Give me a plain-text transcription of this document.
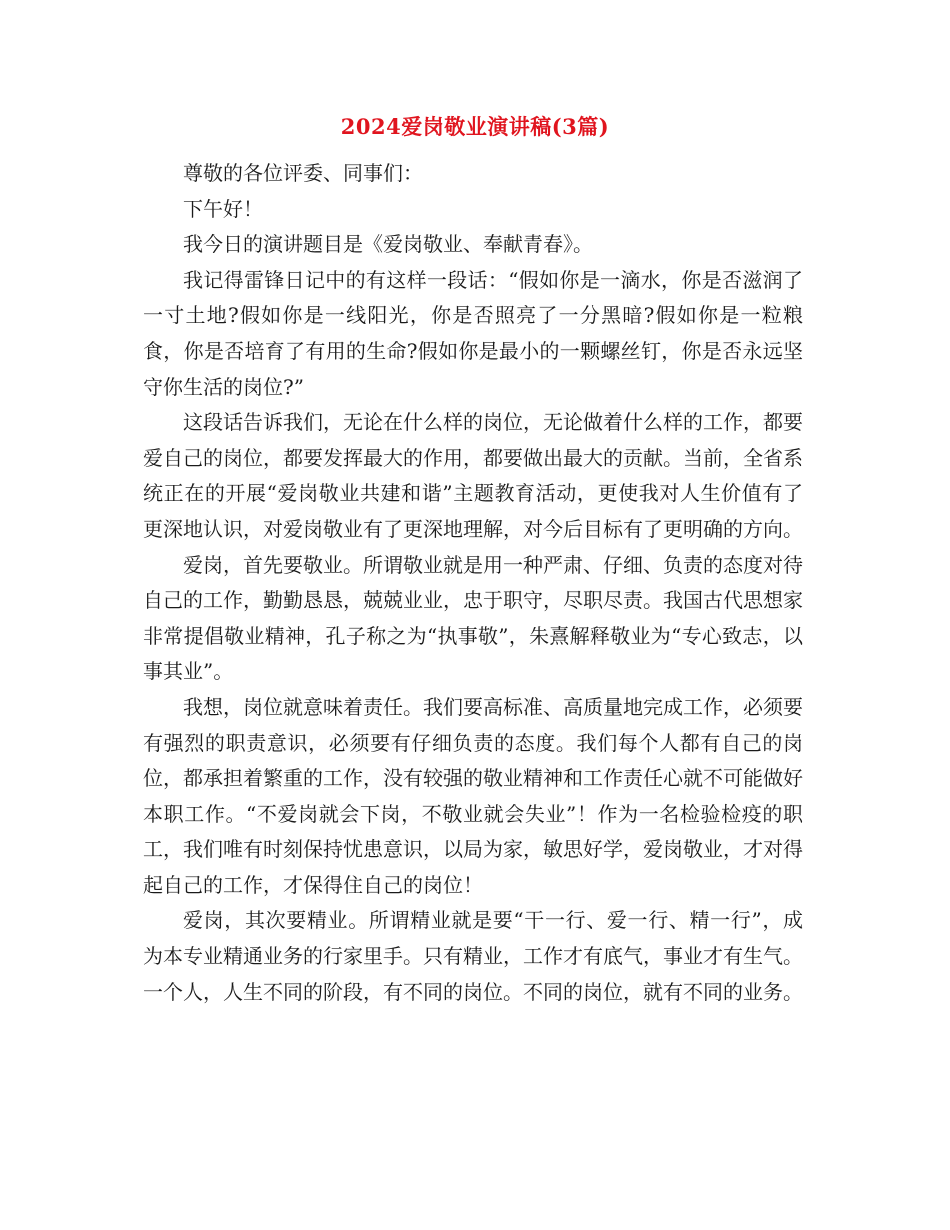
2024爱岗敬业演讲稿(3篇)

尊敬的各位评委、同事们：

下午好！

我今日的演讲题目是《爱岗敬业、奉献青春》。

我记得雷锋日记中的有这样一段话：“假如你是一滴水，你是否滋润了一寸土地?假如你是一线阳光，你是否照亮了一分黑暗?假如你是一粒粮食，你是否培育了有用的生命?假如你是最小的一颗螺丝钉，你是否永远坚守你生活的岗位?”

这段话告诉我们，无论在什么样的岗位，无论做着什么样的工作，都要爱自己的岗位，都要发挥最大的作用，都要做出最大的贡献。当前，全省系统正在的开展“爱岗敬业共建和谐”主题教育活动，更使我对人生价值有了更深地认识，对爱岗敬业有了更深地理解，对今后目标有了更明确的方向。

爱岗，首先要敬业。所谓敬业就是用一种严肃、仔细、负责的态度对待自己的工作，勤勤恳恳，兢兢业业，忠于职守，尽职尽责。我国古代思想家非常提倡敬业精神，孔子称之为“执事敬”，朱熹解释敬业为“专心致志，以事其业”。

我想，岗位就意味着责任。我们要高标准、高质量地完成工作，必须要有强烈的职责意识，必须要有仔细负责的态度。我们每个人都有自己的岗位，都承担着繁重的工作，没有较强的敬业精神和工作责任心就不可能做好本职工作。“不爱岗就会下岗，不敬业就会失业”！作为一名检验检疫的职工，我们唯有时刻保持忧患意识，以局为家，敏思好学，爱岗敬业，才对得起自己的工作，才保得住自己的岗位！

爱岗，其次要精业。所谓精业就是要“干一行、爱一行、精一行”，成为本专业精通业务的行家里手。只有精业，工作才有底气，事业才有生气。一个人，人生不同的阶段，有不同的岗位。不同的岗位，就有不同的业务。
